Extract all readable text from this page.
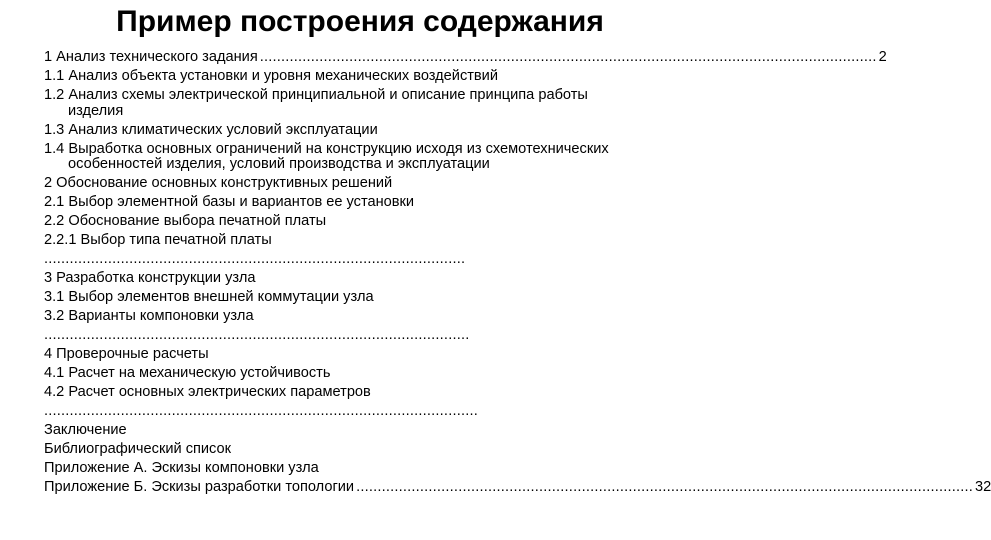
Пример построения содержания
1 Анализ технического задания ................................................................................................................................................. 2
1.1 Анализ объекта установки и уровня механических воздействий
1.2 Анализ схемы электрической принципиальной и описание принципа работы
изделия
1.3 Анализ климатических условий эксплуатации
1.4 Выработка основных ограничений на конструкцию исходя из схемотехнических
особенностей изделия, условий производства и эксплуатации
2 Обоснование основных конструктивных решений
2.1 Выбор элементной базы и вариантов ее установки
2.2 Обоснование выбора печатной платы
2.2.1 Выбор типа печатной платы
...................................................................................................
3 Разработка конструкции узла
3.1 Выбор элементов внешней коммутации узла
3.2 Варианты компоновки узла
....................................................................................................
4 Проверочные расчеты
4.1 Расчет на механическую устойчивость
4.2 Расчет основных электрических параметров
......................................................................................................
Заключение
Библиографический список
Приложение А. Эскизы компоновки узла
Приложение Б. Эскизы разработки топологии ................................................................................................................................................. 32
